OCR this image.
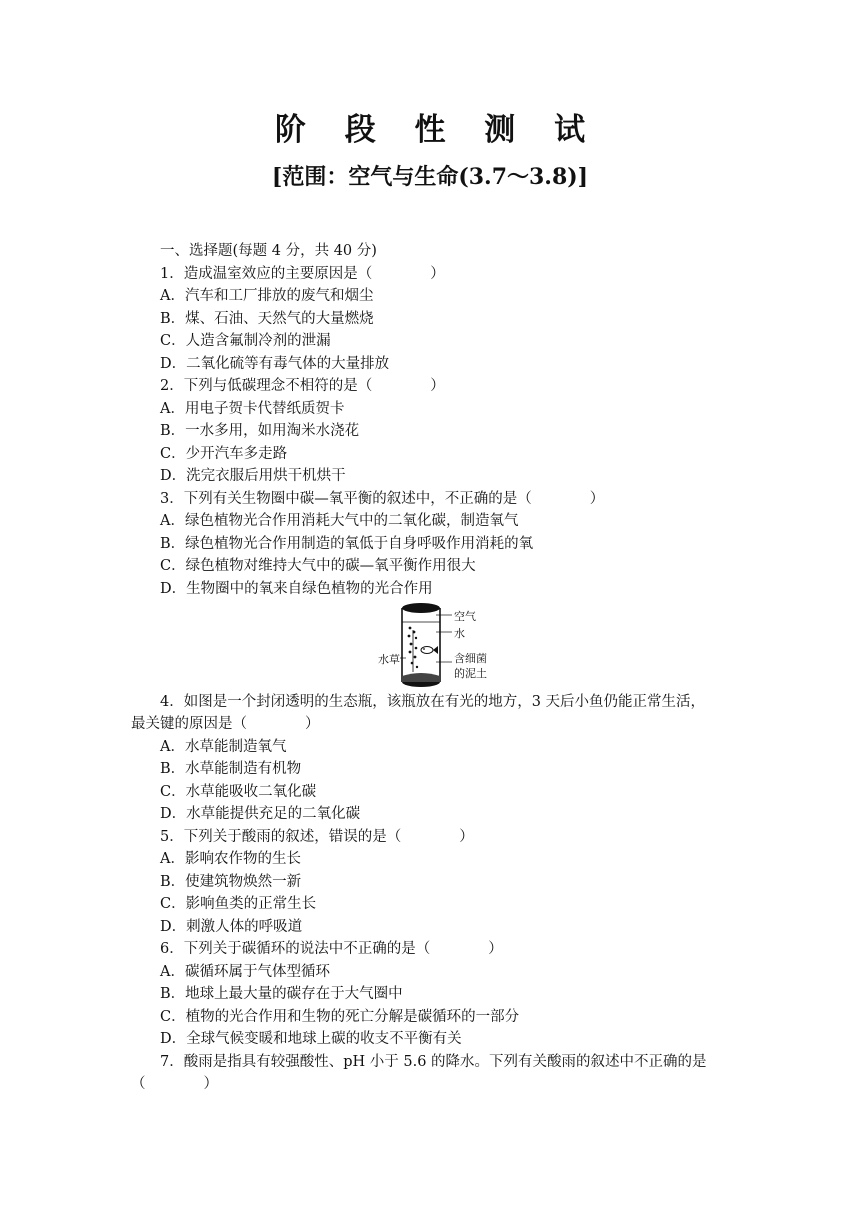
阶 段 性 测 试
[范围：空气与生命(3.7～3.8)]
一、选择题(每题 4 分，共 40 分)
1．造成温室效应的主要原因是（　　　　）
A．汽车和工厂排放的废气和烟尘
B．煤、石油、天然气的大量燃烧
C．人造含氟制冷剂的泄漏
D．二氧化硫等有毒气体的大量排放
2．下列与低碳理念不相符的是（　　　　）
A．用电子贺卡代替纸质贺卡
B．一水多用，如用淘米水浇花
C．少开汽车多走路
D．洗完衣服后用烘干机烘干
3．下列有关生物圈中碳—氧平衡的叙述中，不正确的是（　　　　）
A．绿色植物光合作用消耗大气中的二氧化碳，制造氧气
B．绿色植物光合作用制造的氧低于自身呼吸作用消耗的氧
C．绿色植物对维持大气中的碳—氧平衡作用很大
D．生物圈中的氧来自绿色植物的光合作用
空气
水
水草	含细菌
的泥土
4．如图是一个封闭透明的生态瓶，该瓶放在有光的地方，3 天后小鱼仍能正常生活，
最关键的原因是（　　　　）
A．水草能制造氧气
B．水草能制造有机物
C．水草能吸收二氧化碳
D．水草能提供充足的二氧化碳
5．下列关于酸雨的叙述，错误的是（　　　　）
A．影响农作物的生长
B．使建筑物焕然一新
C．影响鱼类的正常生长
D．刺激人体的呼吸道
6．下列关于碳循环的说法中不正确的是（　　　　）
A．碳循环属于气体型循环
B．地球上最大量的碳存在于大气圈中
C．植物的光合作用和生物的死亡分解是碳循环的一部分
D．全球气候变暖和地球上碳的收支不平衡有关
7．酸雨是指具有较强酸性、pH 小于 5.6 的降水。下列有关酸雨的叙述中不正确的是
（　　　　）
